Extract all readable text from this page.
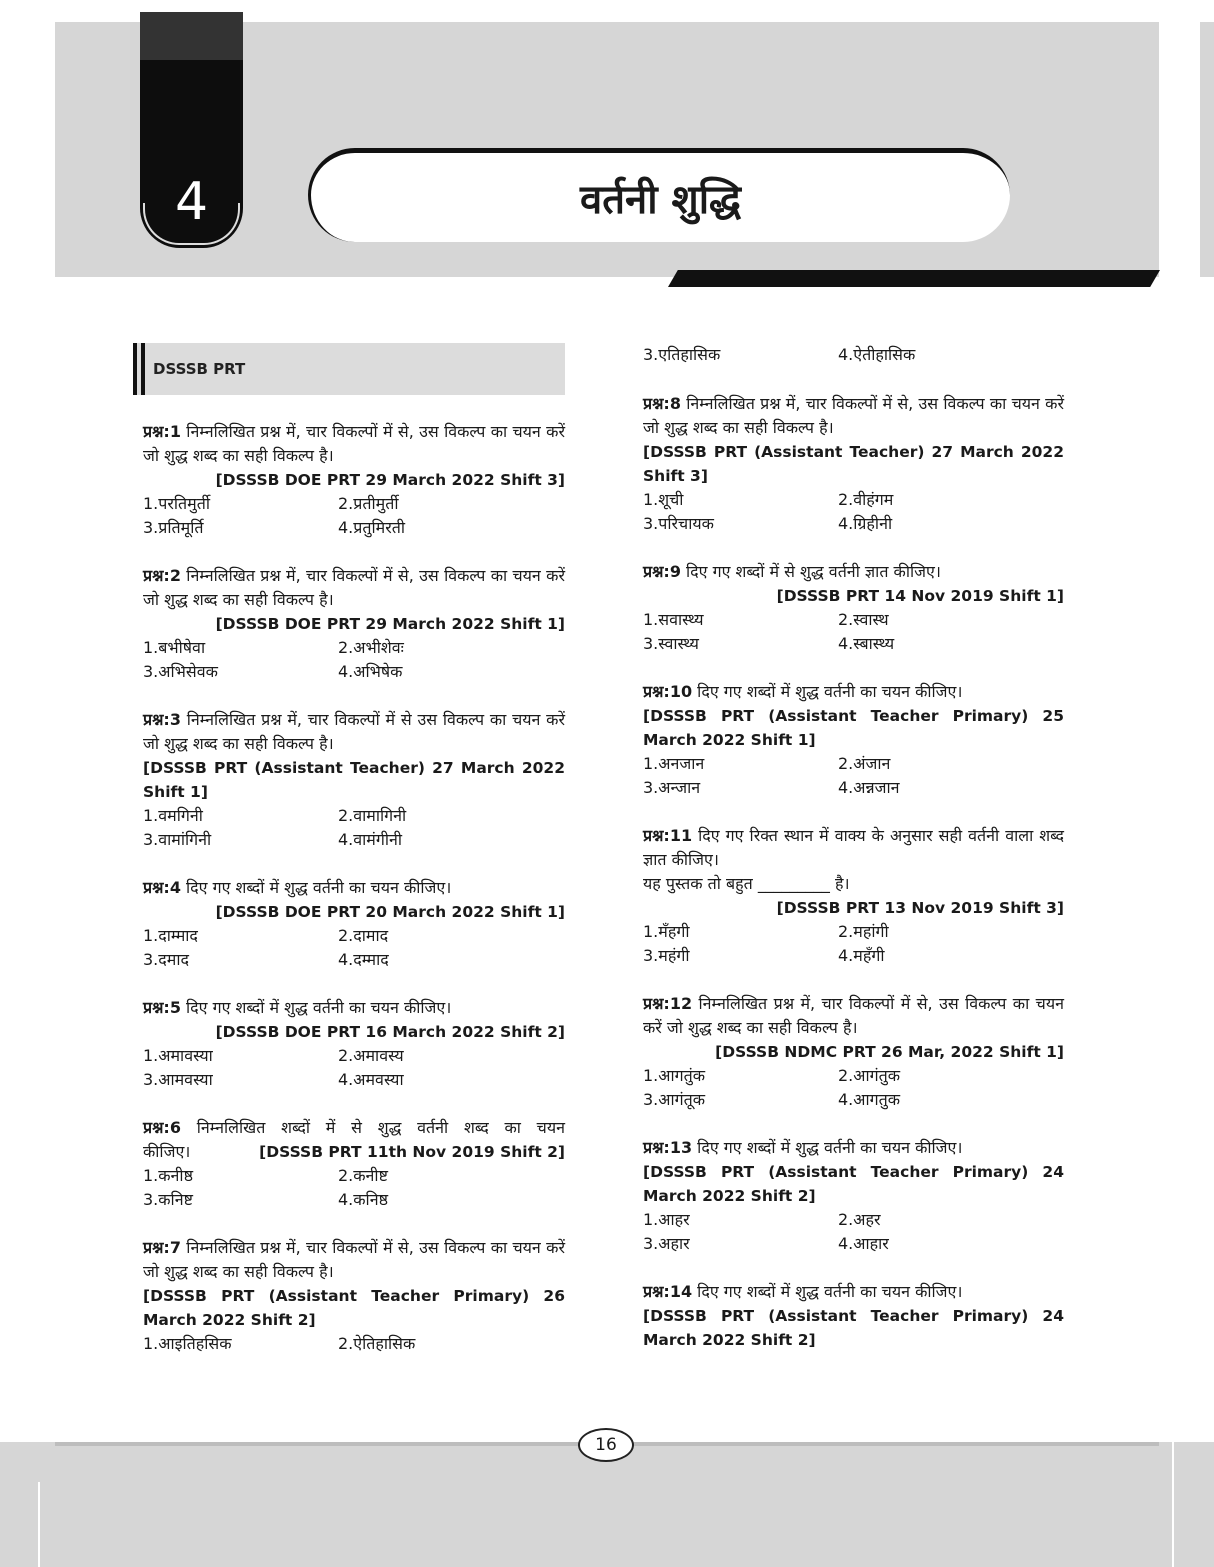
4	वर्तनी शुद्धि
DSSSB PRT
प्रश्न:1 निम्नलिखित प्रश्न में, चार विकल्पों में से, उस विकल्प का चयन करें जो शुद्ध शब्द का सही विकल्प है।
[DSSSB DOE PRT 29 March 2022 Shift 3]
1.परतिमुर्ती	2.प्रतीमुर्ती
3.प्रतिमूर्ति	4.प्रतुमिरती
प्रश्न:2 निम्नलिखित प्रश्न में, चार विकल्पों में से, उस विकल्प का चयन करें जो शुद्ध शब्द का सही विकल्प है।
[DSSSB DOE PRT 29 March 2022 Shift 1]
1.बभीषेवा	2.अभीशेवः
3.अभिसेवक	4.अभिषेक
प्रश्न:3 निम्नलिखित प्रश्न में, चार विकल्पों में से उस विकल्प का चयन करें जो शुद्ध शब्द का सही विकल्प है।
[DSSSB PRT (Assistant Teacher) 27 March 2022 Shift 1]
1.वमगिनी	2.वामागिनी
3.वामांगिनी	4.वामंगीनी
प्रश्न:4 दिए गए शब्दों में शुद्ध वर्तनी का चयन कीजिए।
[DSSSB DOE PRT 20 March 2022 Shift 1]
1.दाम्माद	2.दामाद
3.दमाद	4.दम्माद
प्रश्न:5 दिए गए शब्दों में शुद्ध वर्तनी का चयन कीजिए।
[DSSSB DOE PRT 16 March 2022 Shift 2]
1.अमावस्या	2.अमावस्य
3.आमवस्या	4.अमवस्या
प्रश्न:6 निम्नलिखित शब्दों में से शुद्ध वर्तनी शब्द का चयन
कीजिए।	[DSSSB PRT 11th Nov 2019 Shift 2]
1.कनीष्ठ	2.कनीष्ट
3.कनिष्ट	4.कनिष्ठ
प्रश्न:7 निम्नलिखित प्रश्न में, चार विकल्पों में से, उस विकल्प का चयन करें जो शुद्ध शब्द का सही विकल्प है।
[DSSSB PRT (Assistant Teacher Primary) 26 March 2022 Shift 2]
1.आइतिहसिक	2.ऐतिहासिक
3.एतिहासिक	4.ऐतीहासिक
प्रश्न:8 निम्नलिखित प्रश्न में, चार विकल्पों में से, उस विकल्प का चयन करें जो शुद्ध शब्द का सही विकल्प है।
[DSSSB PRT (Assistant Teacher) 27 March 2022 Shift 3]
1.शूची	2.वीहंगम
3.परिचायक	4.ग्रिहीनी
प्रश्न:9 दिए गए शब्दों में से शुद्ध वर्तनी ज्ञात कीजिए।
[DSSSB PRT 14 Nov 2019 Shift 1]
1.सवास्थ्य	2.स्वास्थ
3.स्वास्थ्य	4.स्बास्थ्य
प्रश्न:10 दिए गए शब्दों में शुद्ध वर्तनी का चयन कीजिए।
[DSSSB PRT (Assistant Teacher Primary) 25 March 2022 Shift 1]
1.अनजान	2.अंजान
3.अन्जान	4.अन्नजान
प्रश्न:11 दिए गए रिक्त स्थान में वाक्य के अनुसार सही वर्तनी वाला शब्द ज्ञात कीजिए।
यह पुस्तक तो बहुत _________ है।
[DSSSB PRT 13 Nov 2019 Shift 3]
1.मँहगी	2.महांगी
3.महंगी	4.महँगी
प्रश्न:12 निम्नलिखित प्रश्न में, चार विकल्पों में से, उस विकल्प का चयन करें जो शुद्ध शब्द का सही विकल्प है।
[DSSSB NDMC PRT 26 Mar, 2022 Shift 1]
1.आगतुंक	2.आगंतुक
3.आगंतूक	4.आगतुक
प्रश्न:13 दिए गए शब्दों में शुद्ध वर्तनी का चयन कीजिए।
[DSSSB PRT (Assistant Teacher Primary) 24 March 2022 Shift 2]
1.आहर	2.अहर
3.अहार	4.आहार
प्रश्न:14 दिए गए शब्दों में शुद्ध वर्तनी का चयन कीजिए।
[DSSSB PRT (Assistant Teacher Primary) 24 March 2022 Shift 2]
16
